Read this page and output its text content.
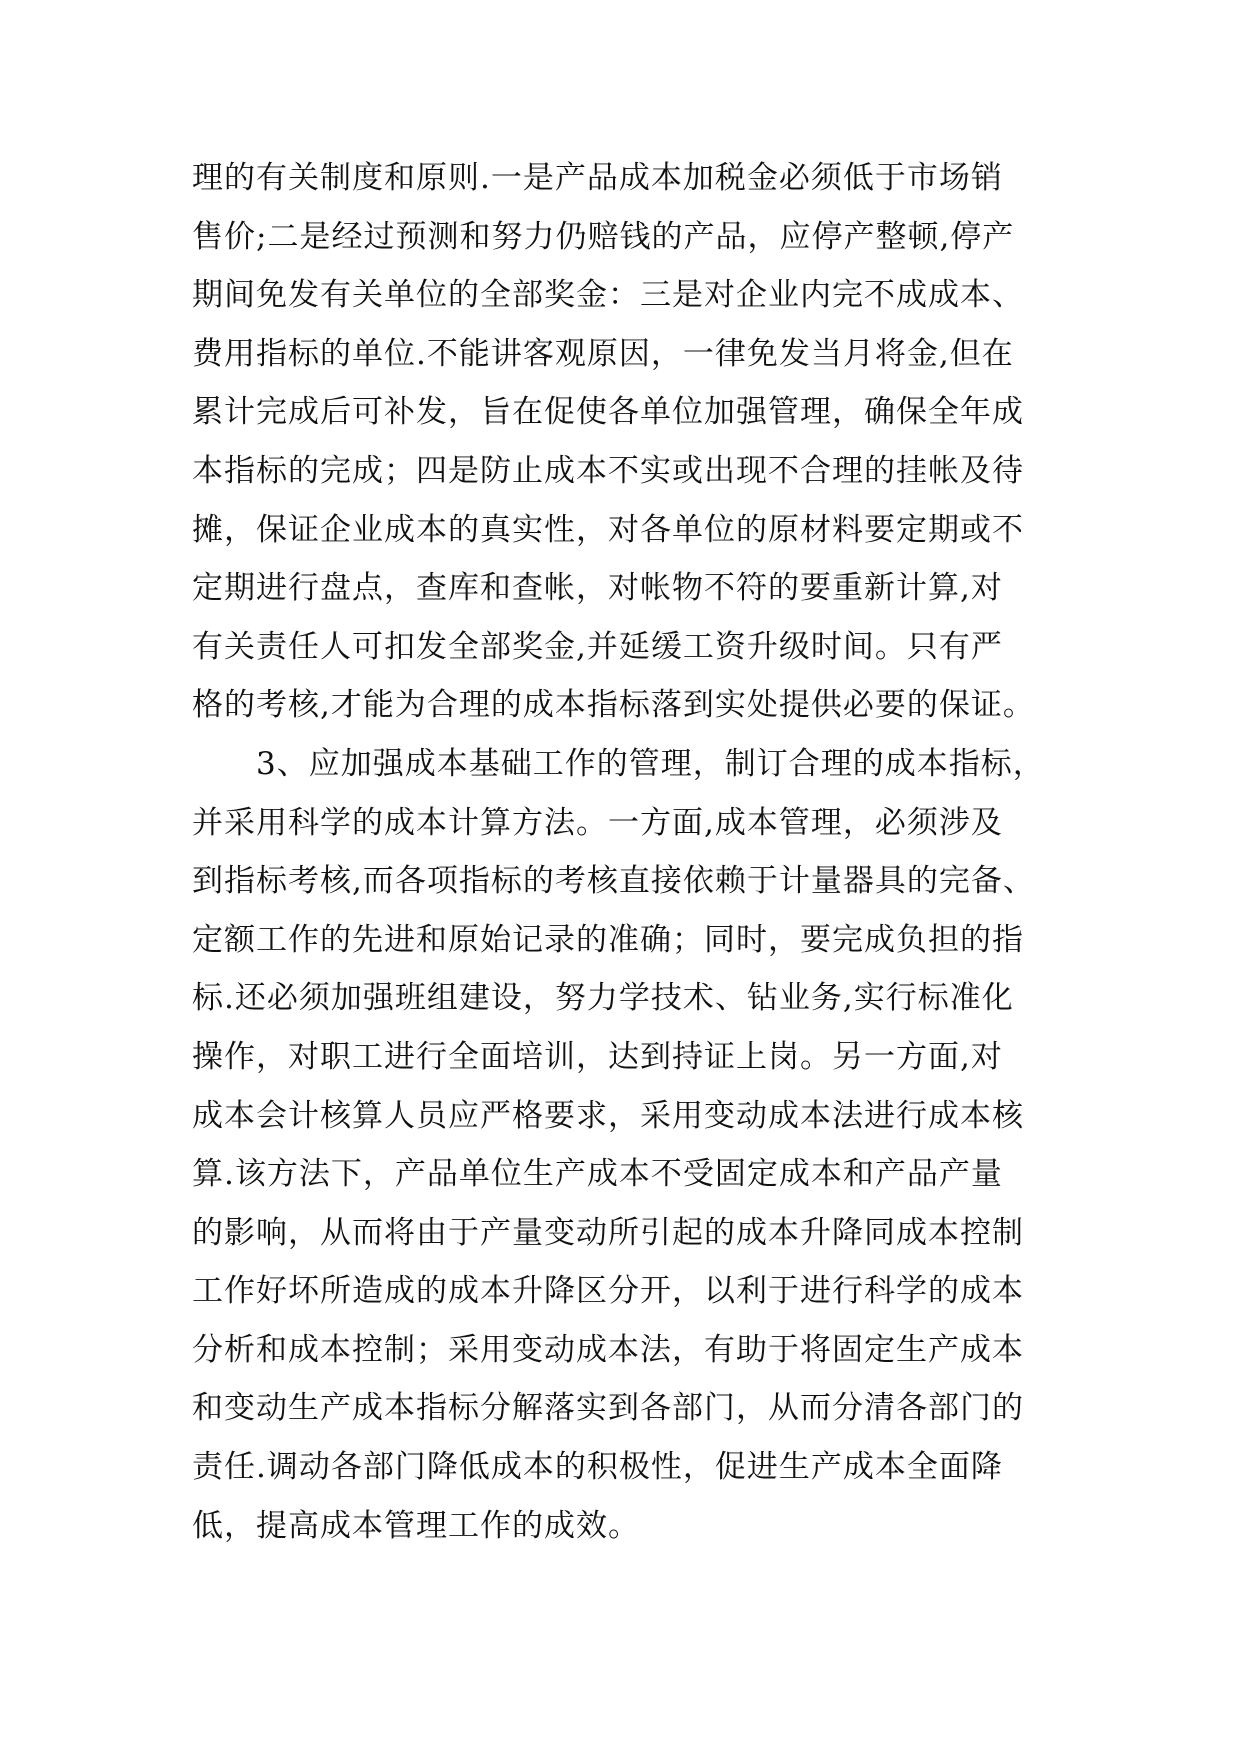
理的有关制度和原则.一是产品成本加税金必须低于市场销
售价;二是经过预测和努力仍赔钱的产品，应停产整顿,停产
期间免发有关单位的全部奖金：三是对企业内完不成成本、
费用指标的单位.不能讲客观原因，一律免发当月将金,但在
累计完成后可补发，旨在促使各单位加强管理，确保全年成
本指标的完成；四是防止成本不实或出现不合理的挂帐及待
摊，保证企业成本的真实性，对各单位的原材料要定期或不
定期进行盘点，查库和查帐，对帐物不符的要重新计算,对
有关责任人可扣发全部奖金,并延缓工资升级时间。只有严
格的考核,才能为合理的成本指标落到实处提供必要的保证。
　　3、应加强成本基础工作的管理，制订合理的成本指标，
并采用科学的成本计算方法。一方面,成本管理，必须涉及
到指标考核,而各项指标的考核直接依赖于计量器具的完备、
定额工作的先进和原始记录的准确；同时，要完成负担的指
标.还必须加强班组建设，努力学技术、钻业务,实行标准化
操作，对职工进行全面培训，达到持证上岗。另一方面,对
成本会计核算人员应严格要求，采用变动成本法进行成本核
算.该方法下，产品单位生产成本不受固定成本和产品产量
的影响，从而将由于产量变动所引起的成本升降同成本控制
工作好坏所造成的成本升降区分开，以利于进行科学的成本
分析和成本控制；采用变动成本法，有助于将固定生产成本
和变动生产成本指标分解落实到各部门，从而分清各部门的
责任.调动各部门降低成本的积极性，促进生产成本全面降
低，提高成本管理工作的成效。
